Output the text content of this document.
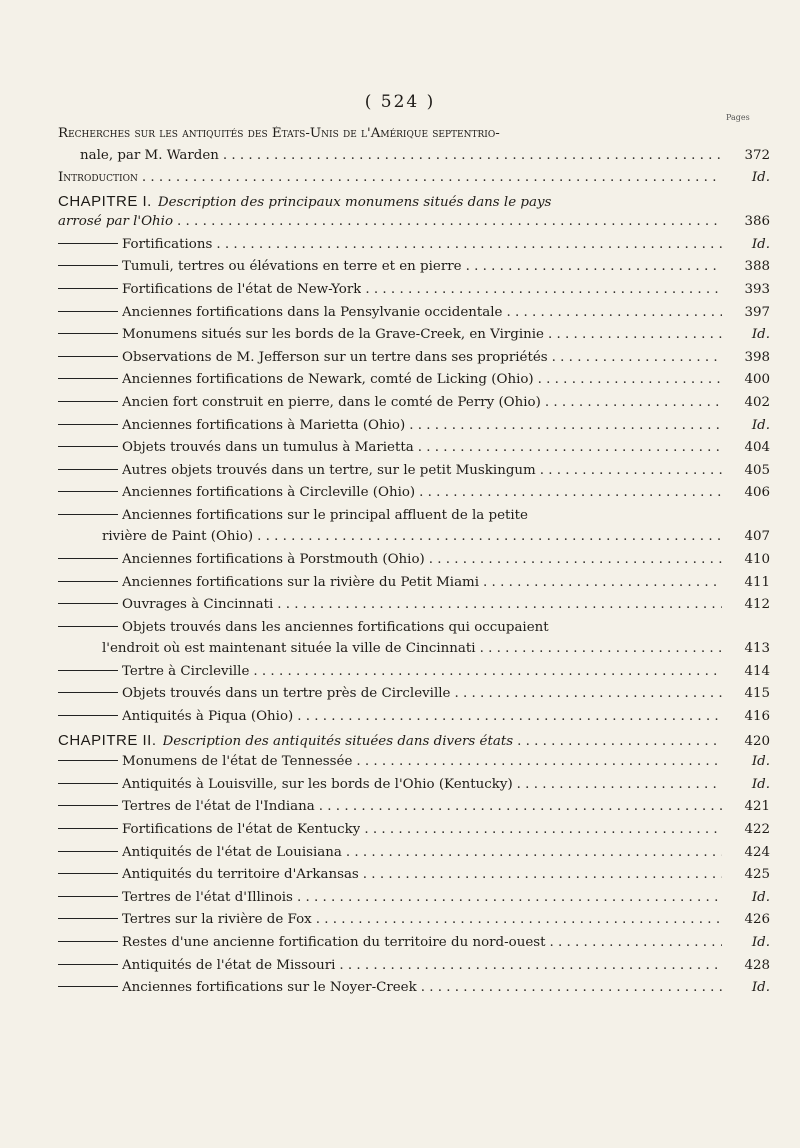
( 524 )
Pages
Recherches sur les antiquités des États-Unis de l'Amérique septentrio-
nale, par M. Warden . . .	372
Introduction . . .	Id.
CHAPITRE I. Description des principaux monumens situés dans le pays
arrosé par l'Ohio . . .	386
Fortifications . . .	Id.
Tumuli, tertres ou élévations en terre et en pierre . . .	388
Fortifications de l'état de New-York . . .	393
Anciennes fortifications dans la Pensylvanie occidentale . . .	397
Monumens situés sur les bords de la Grave-Creek, en Virginie . . .	Id.
Observations de M. Jefferson sur un tertre dans ses propriétés . . .	398
Anciennes fortifications de Newark, comté de Licking (Ohio) . . .	400
Ancien fort construit en pierre, dans le comté de Perry (Ohio) . . .	402
Anciennes fortifications à Marietta (Ohio) . . .	Id.
Objets trouvés dans un tumulus à Marietta . . .	404
Autres objets trouvés dans un tertre, sur le petit Muskingum . . .	405
Anciennes fortifications à Circleville (Ohio) . . .	406
Anciennes fortifications sur le principal affluent de la petite
rivière de Paint (Ohio) . . .	407
Anciennes fortifications à Porstmouth (Ohio) . . .	410
Anciennes fortifications sur la rivière du Petit Miami . . .	411
Ouvrages à Cincinnati . . .	412
Objets trouvés dans les anciennes fortifications qui occupaient
l'endroit où est maintenant située la ville de Cincinnati . . .	413
Tertre à Circleville . . .	414
Objets trouvés dans un tertre près de Circleville . . .	415
Antiquités à Piqua (Ohio) . . .	416
CHAPITRE II. Description des antiquités situées dans divers états . . .	420
Monumens de l'état de Tennessée . . .	Id.
Antiquités à Louisville, sur les bords de l'Ohio (Kentucky) . . .	Id.
Tertres de l'état de l'Indiana . . .	421
Fortifications de l'état de Kentucky . . .	422
Antiquités de l'état de Louisiana . . .	424
Antiquités du territoire d'Arkansas . . .	425
Tertres de l'état d'Illinois . . .	Id.
Tertres sur la rivière de Fox . . .	426
Restes d'une ancienne fortification du territoire du nord-ouest . . .	Id.
Antiquités de l'état de Missouri . . .	428
Anciennes fortifications sur le Noyer-Creek . . .	Id.
